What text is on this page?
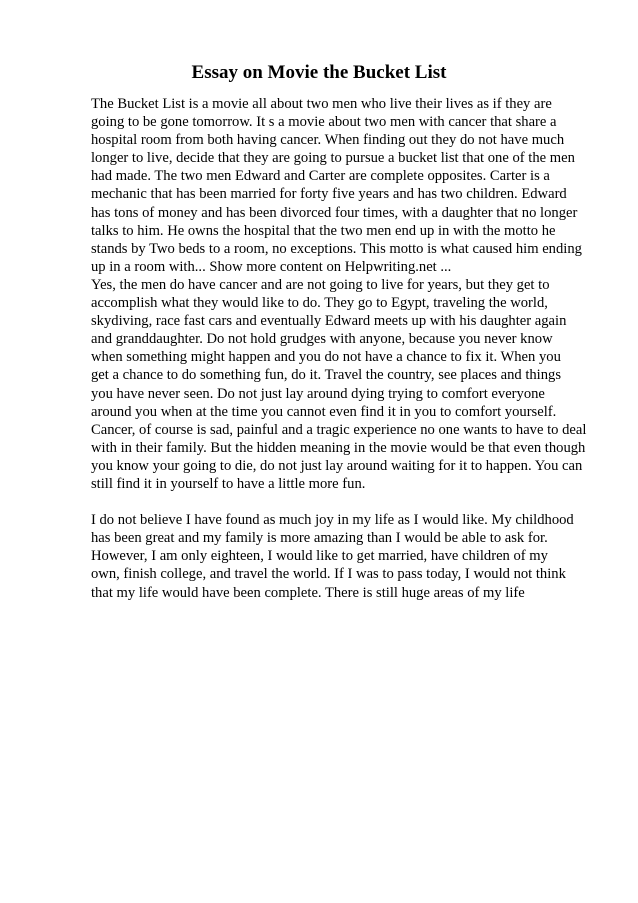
Essay on Movie the Bucket List

The Bucket List is a movie all about two men who live their lives as if they are
going to be gone tomorrow. It s a movie about two men with cancer that share a
hospital room from both having cancer. When finding out they do not have much
longer to live, decide that they are going to pursue a bucket list that one of the men
had made. The two men Edward and Carter are complete opposites. Carter is a
mechanic that has been married for forty five years and has two children. Edward
has tons of money and has been divorced four times, with a daughter that no longer
talks to him. He owns the hospital that the two men end up in with the motto he
stands by Two beds to a room, no exceptions. This motto is what caused him ending
up in a room with... Show more content on Helpwriting.net ...
Yes, the men do have cancer and are not going to live for years, but they get to
accomplish what they would like to do. They go to Egypt, traveling the world,
skydiving, race fast cars and eventually Edward meets up with his daughter again
and granddaughter. Do not hold grudges with anyone, because you never know
when something might happen and you do not have a chance to fix it. When you
get a chance to do something fun, do it. Travel the country, see places and things
you have never seen. Do not just lay around dying trying to comfort everyone
around you when at the time you cannot even find it in you to comfort yourself.
Cancer, of course is sad, painful and a tragic experience no one wants to have to deal
with in their family. But the hidden meaning in the movie would be that even though
you know your going to die, do not just lay around waiting for it to happen. You can
still find it in yourself to have a little more fun.

I do not believe I have found as much joy in my life as I would like. My childhood
has been great and my family is more amazing than I would be able to ask for.
However, I am only eighteen, I would like to get married, have children of my
own, finish college, and travel the world. If I was to pass today, I would not think
that my life would have been complete. There is still huge areas of my life
